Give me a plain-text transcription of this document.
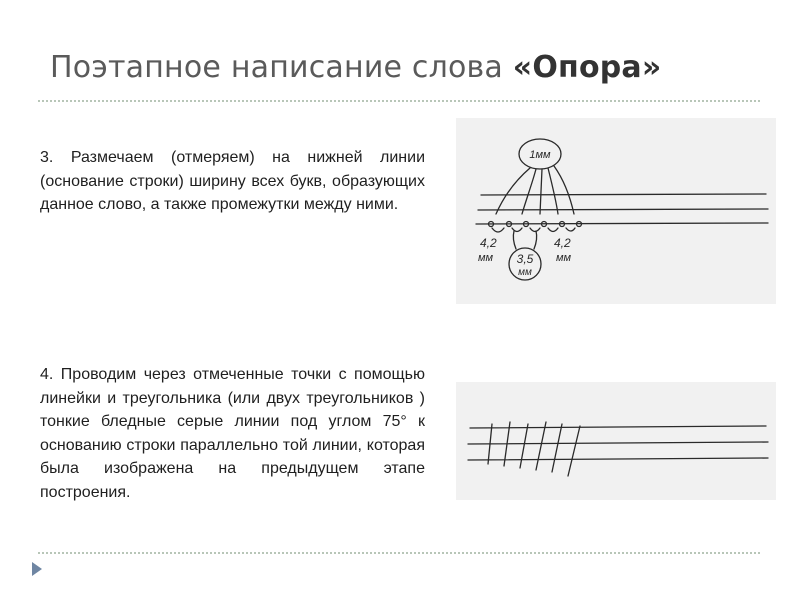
Поэтапное написание слова «Опора»
3. Размечаем (отмеряем) на нижней линии (основание строки) ширину всех букв, образующих данное слово, а также промежутки между ними.
1мм
4,2
мм 3,5
мм
4,2
мм
4. Проводим через отмеченные точки с помощью линейки и треугольника (или двух треугольников ) тонкие бледные серые линии под углом 75° к основанию строки параллельно той линии, которая была изображена на предыдущем этапе построения.
